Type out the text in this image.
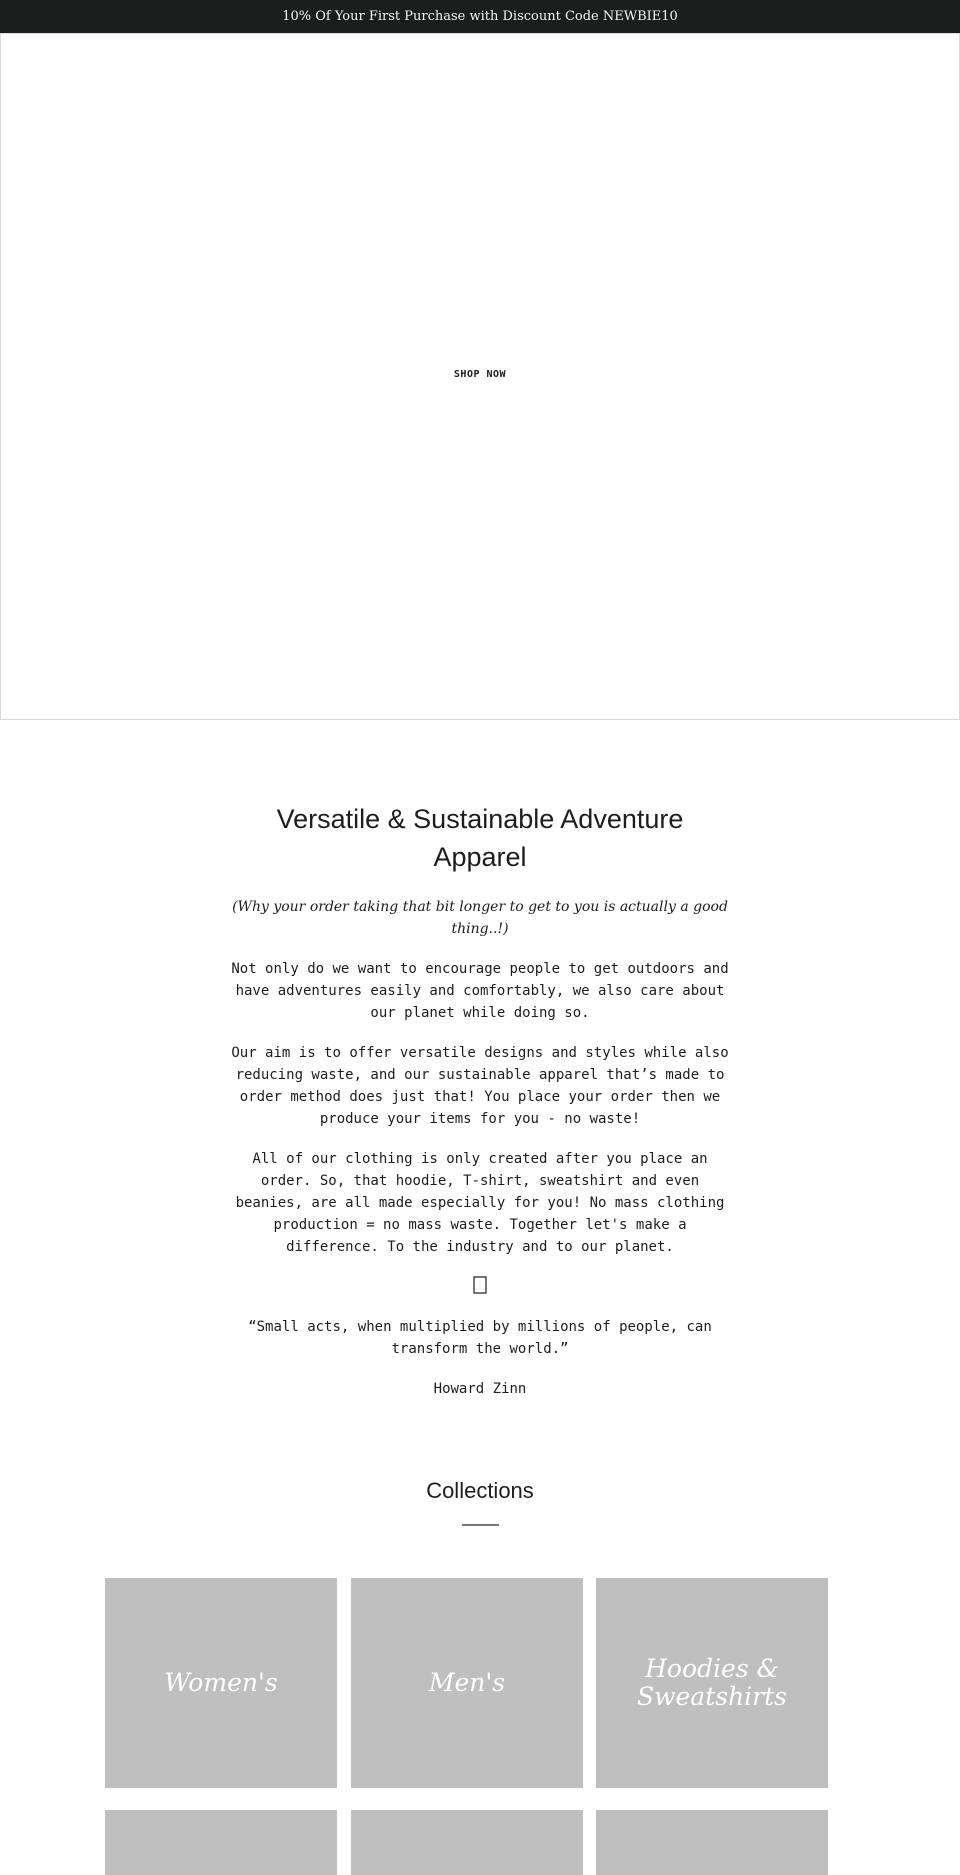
10% Of Your First Purchase with Discount Code NEWBIE10
SHOP NOW
Versatile & Sustainable Adventure Apparel

(Why your order taking that bit longer to get to you is actually a good thing..!)

Not only do we want to encourage people to get outdoors and have adventures easily and comfortably, we also care about our planet while doing so.

Our aim is to offer versatile designs and styles while also reducing waste, and our sustainable apparel that’s made to order method does just that! You place your order then we produce your items for you - no waste!

All of our clothing is only created after you place an order. So, that hoodie, T-shirt, sweatshirt and even beanies, are all made especially for you! No mass clothing production = no mass waste. Together let's make a difference. To the industry and to our planet.

“Small acts, when multiplied by millions of people, can transform the world.”

Howard Zinn

Collections
Women's	Men's	Hoodies & Sweatshirts
